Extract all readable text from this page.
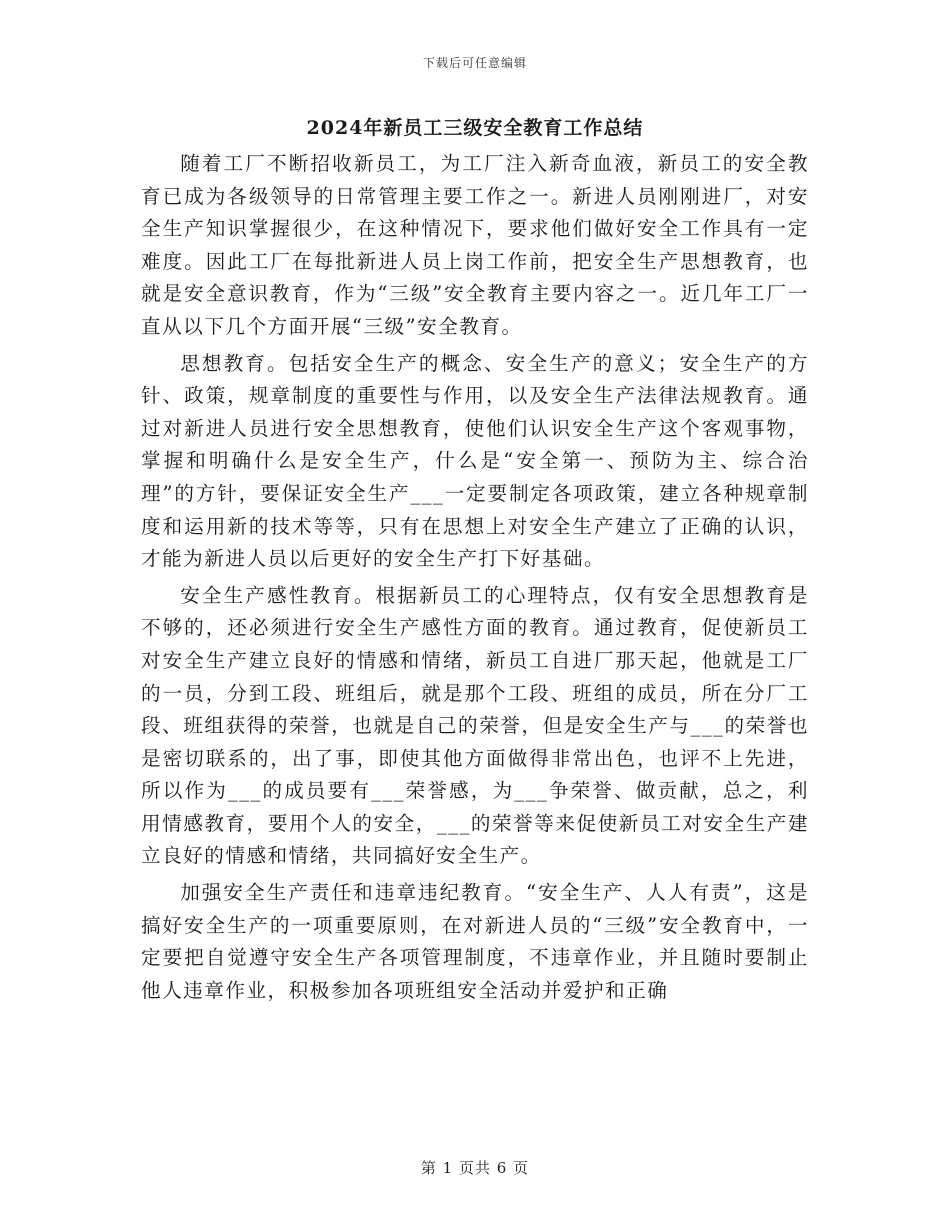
下载后可任意编辑
2024年新员工三级安全教育工作总结

随着工厂不断招收新员工，为工厂注入新奇血液，新员工的安全教育已成为各级领导的日常管理主要工作之一。新进人员刚刚进厂，对安全生产知识掌握很少，在这种情况下，要求他们做好安全工作具有一定难度。因此工厂在每批新进人员上岗工作前，把安全生产思想教育，也就是安全意识教育，作为“三级”安全教育主要内容之一。近几年工厂一直从以下几个方面开展“三级”安全教育。

思想教育。包括安全生产的概念、安全生产的意义；安全生产的方针、政策，规章制度的重要性与作用，以及安全生产法律法规教育。通过对新进人员进行安全思想教育，使他们认识安全生产这个客观事物，掌握和明确什么是安全生产，什么是“安全第一、预防为主、综合治理”的方针，要保证安全生产___一定要制定各项政策，建立各种规章制度和运用新的技术等等，只有在思想上对安全生产建立了正确的认识，才能为新进人员以后更好的安全生产打下好基础。

安全生产感性教育。根据新员工的心理特点，仅有安全思想教育是不够的，还必须进行安全生产感性方面的教育。通过教育，促使新员工对安全生产建立良好的情感和情绪，新员工自进厂那天起，他就是工厂的一员，分到工段、班组后，就是那个工段、班组的成员，所在分厂工段、班组获得的荣誉，也就是自己的荣誉，但是安全生产与___的荣誉也是密切联系的，出了事，即使其他方面做得非常出色，也评不上先进，所以作为___的成员要有___荣誉感，为___争荣誉、做贡献，总之，利用情感教育，要用个人的安全，___的荣誉等来促使新员工对安全生产建立良好的情感和情绪，共同搞好安全生产。

加强安全生产责任和违章违纪教育。“安全生产、人人有责”，这是搞好安全生产的一项重要原则，在对新进人员的“三级”安全教育中，一定要把自觉遵守安全生产各项管理制度，不违章作业，并且随时要制止他人违章作业，积极参加各项班组安全活动并爱护和正确

第 1 页共 6 页
